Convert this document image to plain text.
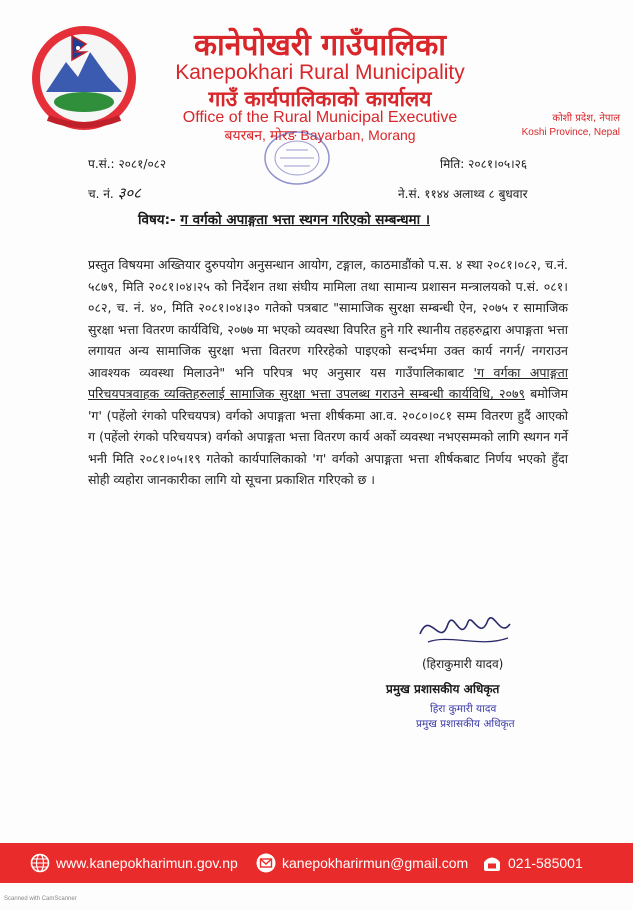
कानेपोखरी गाउँपालिका
Kanepokhari Rural Municipality
गाउँ कार्यपालिकाको कार्यालय
Office of the Rural Municipal Executive
बयरबन, मोरङ Bayarban, Morang
कोशी प्रदेश, नेपाल
Koshi Province, Nepal
प.सं.: २०८१/०८२	मिति: २०८१।०५।२६
च. नं. ३०८	ने.सं. ११४४ अलाथ्व ८ बुधवार
विषय:- ग वर्गको अपाङ्गता भत्ता स्थगन गरिएको सम्बन्धमा ।
प्रस्तुत विषयमा अख्तियार दुरुपयोग अनुसन्धान आयोग, टङ्गाल, काठमाडौंको प.स. ४ स्था २०८१।०८२, च.नं. ५८७९, मिति २०८१।०४।२५ को निर्देशन तथा संघीय मामिला तथा सामान्य प्रशासन मन्त्रालयको प.सं. ०८१।०८२, च. नं. ४०, मिति २०८१।०४।३० गतेको पत्रबाट "सामाजिक सुरक्षा सम्बन्धी ऐन, २०७५ र सामाजिक सुरक्षा भत्ता वितरण कार्यविधि, २०७७ मा भएको व्यवस्था विपरित हुने गरि स्थानीय तहहरुद्वारा अपाङ्गता भत्ता लगायत अन्य सामाजिक सुरक्षा भत्ता वितरण गरिरहेको पाइएको सन्दर्भमा उक्त कार्य नगर्न/ नगराउन आवश्यक व्यवस्था मिलाउने" भनि परिपत्र भए अनुसार यस गाउँपालिकाबाट 'ग वर्गका अपाङ्गता परिचयपत्रवाहक व्यक्तिहरुलाई सामाजिक सुरक्षा भत्ता उपलब्ध गराउने सम्बन्धी कार्यविधि, २०७९ बमोजिम 'ग' (पहेंलो रंगको परिचयपत्र) वर्गको अपाङ्गता भत्ता शीर्षकमा आ.व. २०८०।०८१ सम्म वितरण हुदैं आएको ग (पहेंलो रंगको परिचयपत्र) वर्गको अपाङ्गता भत्ता वितरण कार्य अर्को व्यवस्था नभएसम्मको लागि स्थगन गर्ने भनी मिति २०८१।०५।१९ गतेको कार्यपालिकाको 'ग' वर्गको अपाङ्गता भत्ता शीर्षकबाट निर्णय भएको हुँदा सोही व्यहोरा जानकारीका लागि यो सूचना प्रकाशित गरिएको छ ।
(हिराकुमारी यादव)
प्रमुख प्रशासकीय अधिकृत
हिरा कुमारी यादव
प्रमुख प्रशासकीय अधिकृत
www.kanepokharimun.gov.np	kanepokharirmun@gmail.com	021-585001
Scanned with CamScanner
